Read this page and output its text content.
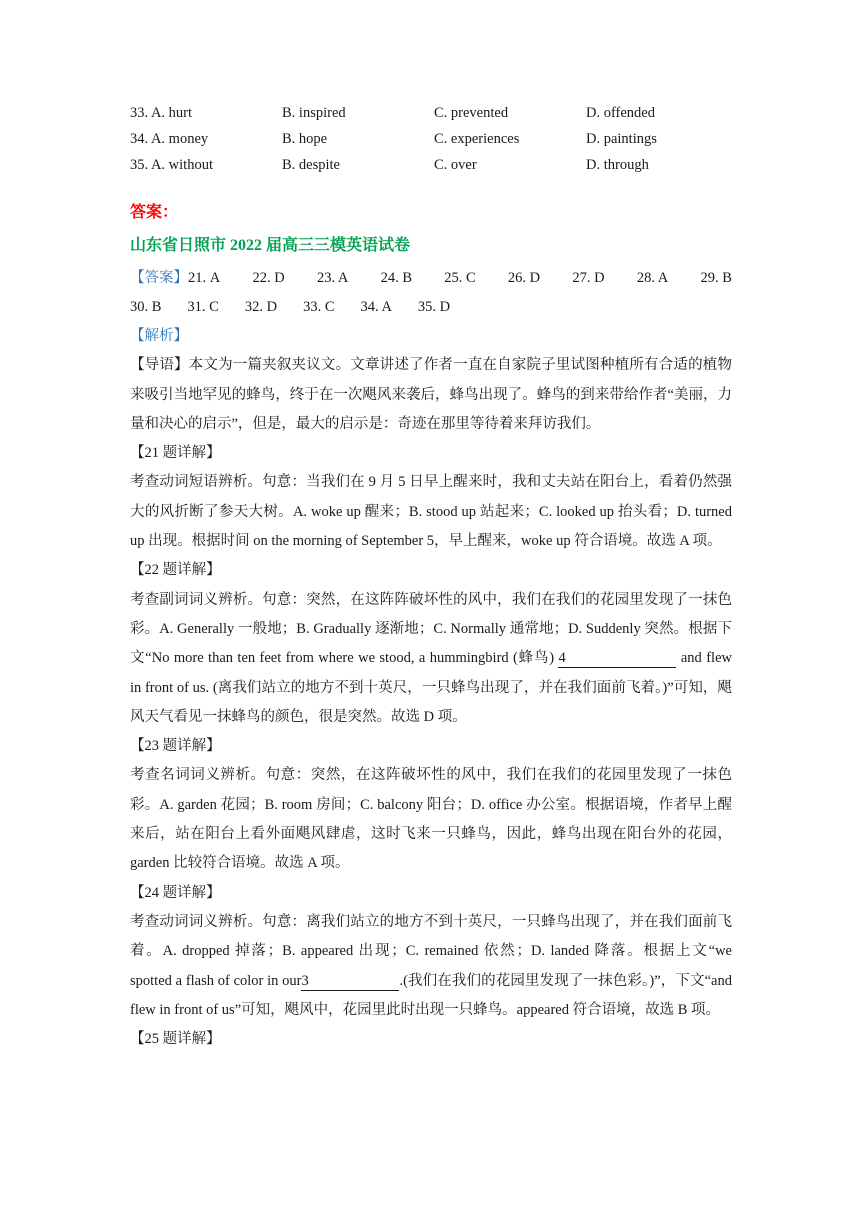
33. A. hurt	B. inspired	C. prevented	D. offended
34. A. money	B. hope	C. experiences	D. paintings
35. A. without	B. despite	C. over	D. through
答案：
山东省日照市 2022 届高三三模英语试卷
【答案】21. A 22. D 23. A 24. B 25. C 26. D 27. D 28. A 29. B
30. B 31. C 32. D 33. C 34. A 35. D
【解析】
【导语】本文为一篇夹叙夹议文。文章讲述了作者一直在自家院子里试图种植所有合适的植物来吸引当地罕见的蜂鸟，终于在一次飓风来袭后，蜂鸟出现了。蜂鸟的到来带给作者“美丽，力量和决心的启示”，但是，最大的启示是：奇迹在那里等待着来拜访我们。
【21 题详解】
考查动词短语辨析。句意：当我们在 9 月 5 日早上醒来时，我和丈夫站在阳台上，看着仍然强大的风折断了参天大树。A. woke up 醒来；B. stood up 站起来；C. looked up 抬头看；D. turned up 出现。根据时间 on the morning of September 5，早上醒来，woke up 符合语境。故选 A 项。
【22 题详解】
考查副词词义辨析。句意：突然，在这阵阵破坏性的风中，我们在我们的花园里发现了一抹色彩。A. Generally 一般地；B. Gradually 逐渐地；C. Normally 通常地；D. Suddenly 突然。根据下文“No more than ten feet from where we stood, a hummingbird (蜂鸟) 4	and flew in front of us. (离我们站立的地方不到十英尺，一只蜂鸟出现了，并在我们面前飞着。)”可知，飓风天气看见一抹蜂鸟的颜色，很是突然。故选 D 项。
【23 题详解】
考查名词词义辨析。句意：突然，在这阵破坏性的风中，我们在我们的花园里发现了一抹色彩。A. garden 花园；B. room 房间；C. balcony 阳台；D. office 办公室。根据语境，作者早上醒来后，站在阳台上看外面飓风肆虐，这时飞来一只蜂鸟，因此，蜂鸟出现在阳台外的花园，garden 比较符合语境。故选 A 项。
【24 题详解】
考查动词词义辨析。句意：离我们站立的地方不到十英尺，一只蜂鸟出现了，并在我们面前飞着。A. dropped 掉落；B. appeared 出现；C. remained 依然；D. landed 降落。根据上文“we spotted a flash of color in our3	.(我们在我们的花园里发现了一抹色彩。)”，下文“and flew in front of us”可知，飓风中，花园里此时出现一只蜂鸟。appeared 符合语境，故选 B 项。
【25 题详解】
